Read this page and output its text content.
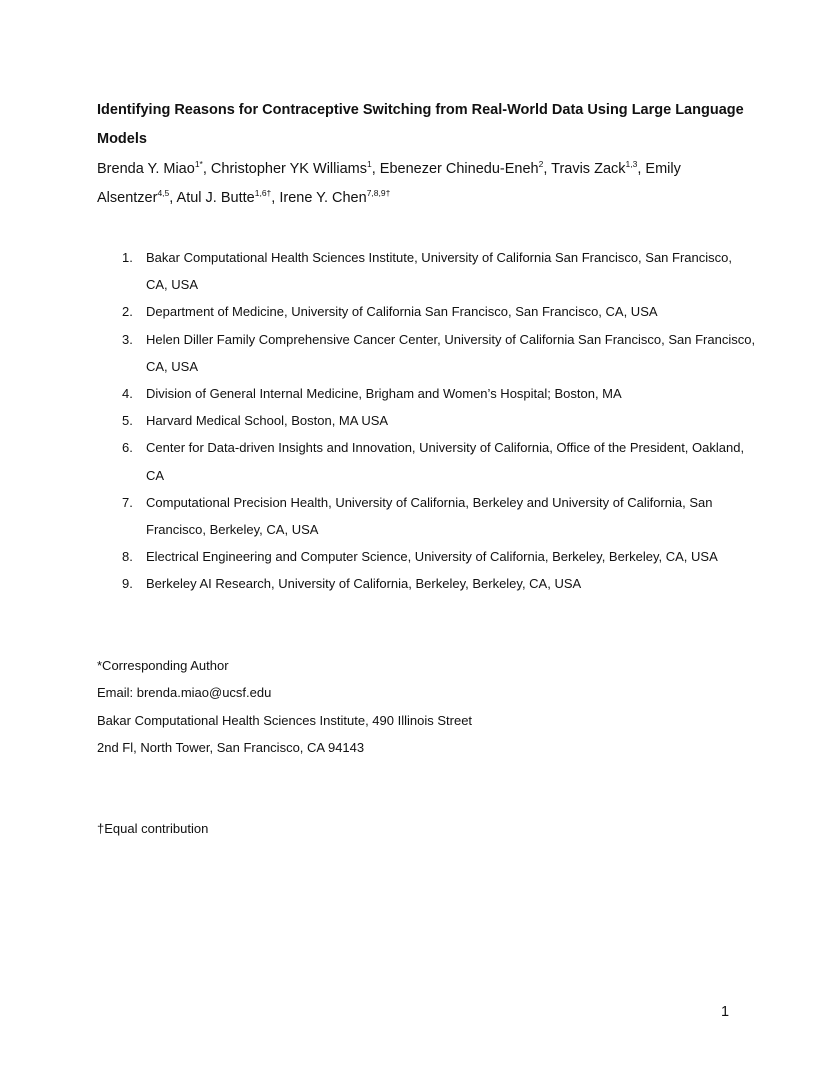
Identifying Reasons for Contraceptive Switching from Real-World Data Using Large Language Models
Brenda Y. Miao$^{1*}$, Christopher YK Williams$^1$, Ebenezer Chinedu-Eneh$^2$, Travis Zack$^{1,3}$, Emily Alsentzer$^{4,5}$, Atul J. Butte$^{1,6\dagger}$, Irene Y. Chen$^{7,8,9\dagger}$
1. Bakar Computational Health Sciences Institute, University of California San Francisco, San Francisco, CA, USA
2. Department of Medicine, University of California San Francisco, San Francisco, CA, USA
3. Helen Diller Family Comprehensive Cancer Center, University of California San Francisco, San Francisco, CA, USA
4. Division of General Internal Medicine, Brigham and Women’s Hospital; Boston, MA
5. Harvard Medical School, Boston, MA USA
6. Center for Data-driven Insights and Innovation, University of California, Office of the President, Oakland, CA
7. Computational Precision Health, University of California, Berkeley and University of California, San Francisco, Berkeley, CA, USA
8. Electrical Engineering and Computer Science, University of California, Berkeley, Berkeley, CA, USA
9. Berkeley AI Research, University of California, Berkeley, Berkeley, CA, USA
*Corresponding Author
Email: brenda.miao@ucsf.edu
Bakar Computational Health Sciences Institute, 490 Illinois Street
2nd Fl, North Tower, San Francisco, CA 94143
†Equal contribution
1
